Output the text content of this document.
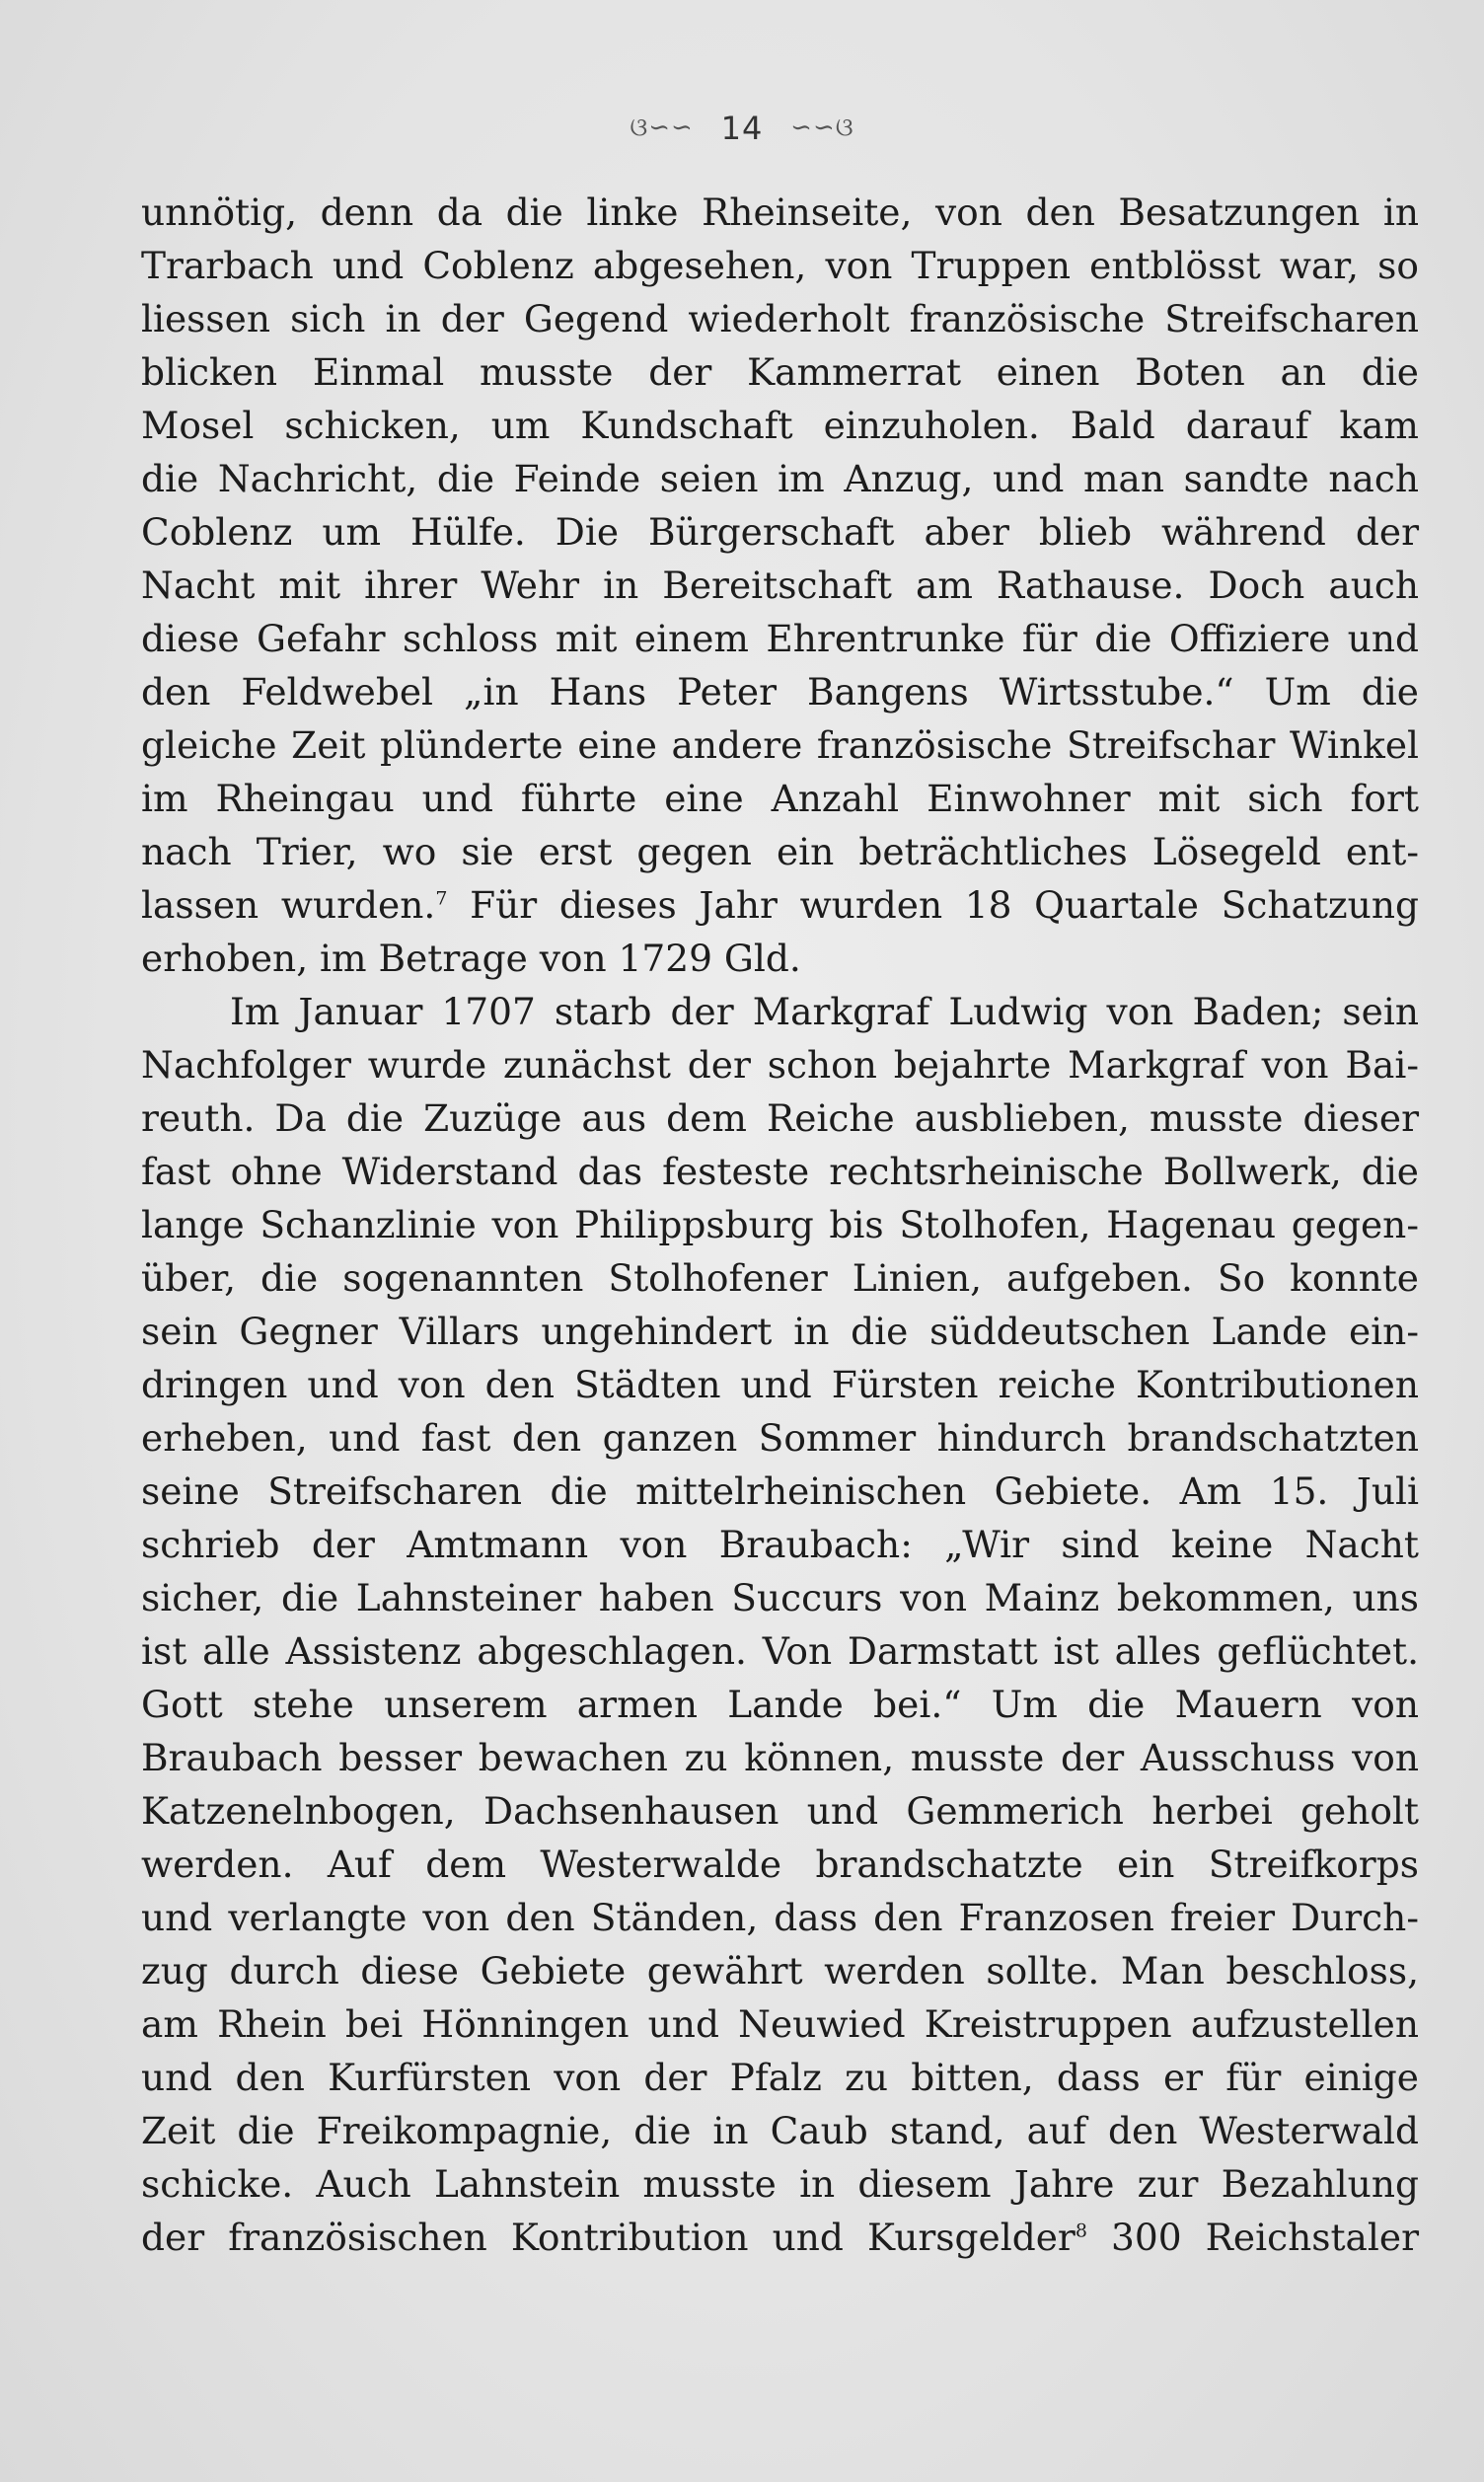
ଓ∽∽ 14 ∽∽ଓ
unnötig, denn da die linke Rheinseite, von den Besatzungen in
Trarbach und Coblenz abgesehen, von Truppen entblösst war, so
liessen sich in der Gegend wiederholt französische Streifscharen
blicken Einmal musste der Kammerrat einen Boten an die
Mosel schicken, um Kundschaft einzuholen. Bald darauf kam
die Nachricht, die Feinde seien im Anzug, und man sandte nach
Coblenz um Hülfe. Die Bürgerschaft aber blieb während der
Nacht mit ihrer Wehr in Bereitschaft am Rathause. Doch auch
diese Gefahr schloss mit einem Ehrentrunke für die Offiziere und
den Feldwebel „in Hans Peter Bangens Wirtsstube.“ Um die
gleiche Zeit plünderte eine andere französische Streifschar Winkel
im Rheingau und führte eine Anzahl Einwohner mit sich fort
nach Trier, wo sie erst gegen ein beträchtliches Lösegeld ent-
lassen wurden.$^7$ Für dieses Jahr wurden 18 Quartale Schatzung
erhoben, im Betrage von 1729 Gld.
Im Januar 1707 starb der Markgraf Ludwig von Baden; sein
Nachfolger wurde zunächst der schon bejahrte Markgraf von Bai-
reuth. Da die Zuzüge aus dem Reiche ausblieben, musste dieser
fast ohne Widerstand das festeste rechtsrheinische Bollwerk, die
lange Schanzlinie von Philippsburg bis Stolhofen, Hagenau gegen-
über, die sogenannten Stolhofener Linien, aufgeben. So konnte
sein Gegner Villars ungehindert in die süddeutschen Lande ein-
dringen und von den Städten und Fürsten reiche Kontributionen
erheben, und fast den ganzen Sommer hindurch brandschatzten
seine Streifscharen die mittelrheinischen Gebiete. Am 15. Juli
schrieb der Amtmann von Braubach: „Wir sind keine Nacht
sicher, die Lahnsteiner haben Succurs von Mainz bekommen, uns
ist alle Assistenz abgeschlagen. Von Darmstatt ist alles geflüchtet.
Gott stehe unserem armen Lande bei.“ Um die Mauern von
Braubach besser bewachen zu können, musste der Ausschuss von
Katzenelnbogen, Dachsenhausen und Gemmerich herbei geholt
werden. Auf dem Westerwalde brandschatzte ein Streifkorps
und verlangte von den Ständen, dass den Franzosen freier Durch-
zug durch diese Gebiete gewährt werden sollte. Man beschloss,
am Rhein bei Hönningen und Neuwied Kreistruppen aufzustellen
und den Kurfürsten von der Pfalz zu bitten, dass er für einige
Zeit die Freikompagnie, die in Caub stand, auf den Westerwald
schicke. Auch Lahnstein musste in diesem Jahre zur Bezahlung
der französischen Kontribution und Kursgelder$^8$ 300 Reichstaler
